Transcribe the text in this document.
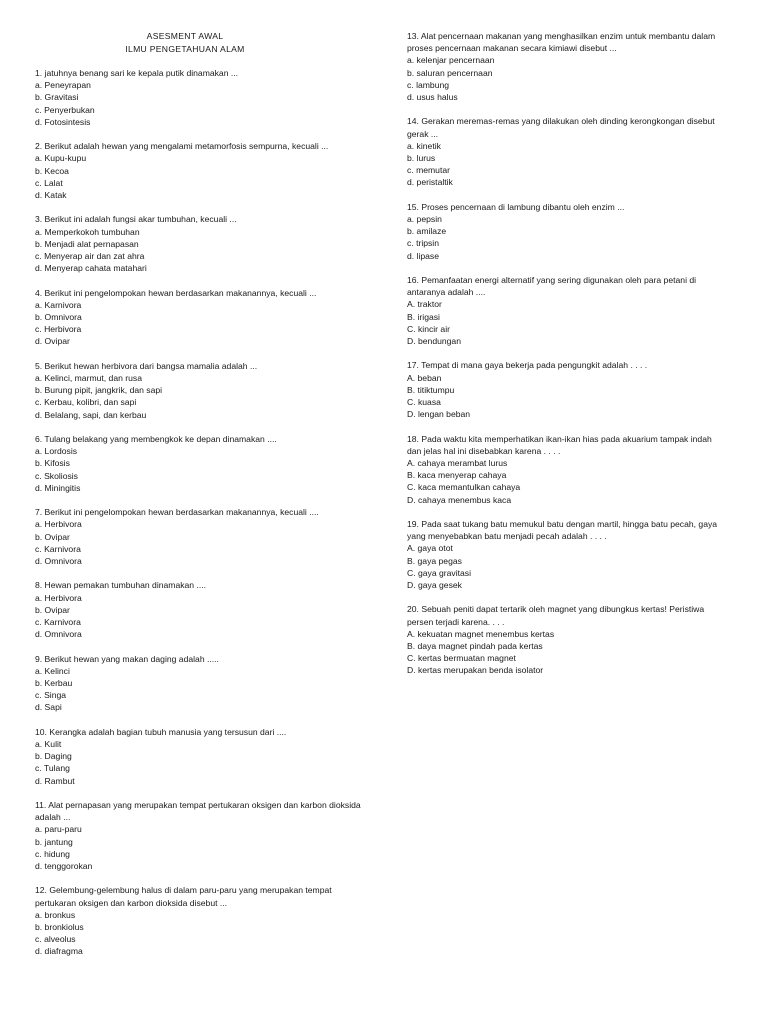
ASESMENT AWAL
ILMU PENGETAHUAN ALAM
1. jatuhnya benang sari ke kepala putik dinamakan ...
a. Peneyrapan
b. Gravitasi
c. Penyerbukan
d. Fotosintesis
2. Berikut adalah hewan yang mengalami metamorfosis sempurna, kecuali ...
a. Kupu-kupu
b. Kecoa
c. Lalat
d. Katak
3. Berikut ini adalah fungsi akar tumbuhan, kecuali ...
a. Memperkokoh tumbuhan
b. Menjadi alat pernapasan
c. Menyerap air dan zat ahra
d. Menyerap cahata matahari
4. Berikut ini pengelompokan hewan berdasarkan makanannya, kecuali ...
a. Karnivora
b. Omnivora
c. Herbivora
d. Ovipar
5. Berikut hewan herbivora dari bangsa mamalia adalah ...
a. Kelinci, marmut, dan rusa
b. Burung pipit, jangkrik, dan sapi
c. Kerbau, kolibri, dan sapi
d. Belalang, sapi, dan kerbau
6. Tulang belakang yang membengkok ke depan dinamakan ....
a. Lordosis
b. Kifosis
c. Skoliosis
d. Miningitis
7. Berikut ini pengelompokan hewan berdasarkan makanannya, kecuali ....
a. Herbivora
b. Ovipar
c. Karnivora
d. Omnivora
8. Hewan pemakan tumbuhan dinamakan ....
a. Herbivora
b. Ovipar
c. Karnivora
d. Omnivora
9. Berikut hewan yang makan daging adalah .....
a. Kelinci
b. Kerbau
c. Singa
d. Sapi
10. Kerangka adalah bagian tubuh manusia yang tersusun dari ....
a. Kulit
b. Daging
c. Tulang
d. Rambut
11. Alat pernapasan yang merupakan tempat pertukaran oksigen dan karbon dioksida adalah ...
a. paru-paru
b. jantung
c. hidung
d. tenggorokan
12. Gelembung-gelembung halus di dalam paru-paru yang merupakan tempat pertukaran oksigen dan karbon dioksida disebut ...
a. bronkus
b. bronkiolus
c. alveolus
d. diafragma
13. Alat pencernaan makanan yang menghasilkan enzim untuk membantu dalam proses pencernaan makanan secara kimiawi disebut ...
a. kelenjar pencernaan
b. saluran pencernaan
c. lambung
d. usus halus
14. Gerakan meremas-remas yang dilakukan oleh dinding kerongkongan disebut gerak ...
a. kinetik
b. lurus
c. memutar
d. peristaltik
15. Proses pencernaan di lambung dibantu oleh enzim ...
a. pepsin
b. amilaze
c. tripsin
d. lipase
16. Pemanfaatan energi alternatif yang sering digunakan oleh para petani di antaranya adalah ....
A. traktor
B. irigasi
C. kincir air
D. bendungan
17. Tempat di mana gaya bekerja pada pengungkit adalah . . . .
A. beban
B. titiktumpu
C. kuasa
D. lengan beban
18. Pada waktu kita memperhatikan ikan-ikan hias pada akuarium tampak indah dan jelas hal ini disebabkan karena . . . .
A. cahaya merambat lurus
B. kaca menyerap cahaya
C. kaca memantulkan cahaya
D. cahaya menembus kaca
19. Pada saat tukang batu memukul batu dengan martil, hingga batu pecah, gaya yang menyebabkan batu menjadi pecah adalah . . . .
A. gaya otot
B. gaya pegas
C. gaya gravitasi
D. gaya gesek
20. Sebuah peniti dapat tertarik oleh magnet yang dibungkus kertas! Peristiwa persen terjadi karena. . . .
A. kekuatan magnet menembus kertas
B. daya magnet pindah pada kertas
C. kertas bermuatan magnet
D. kertas merupakan benda isolator
